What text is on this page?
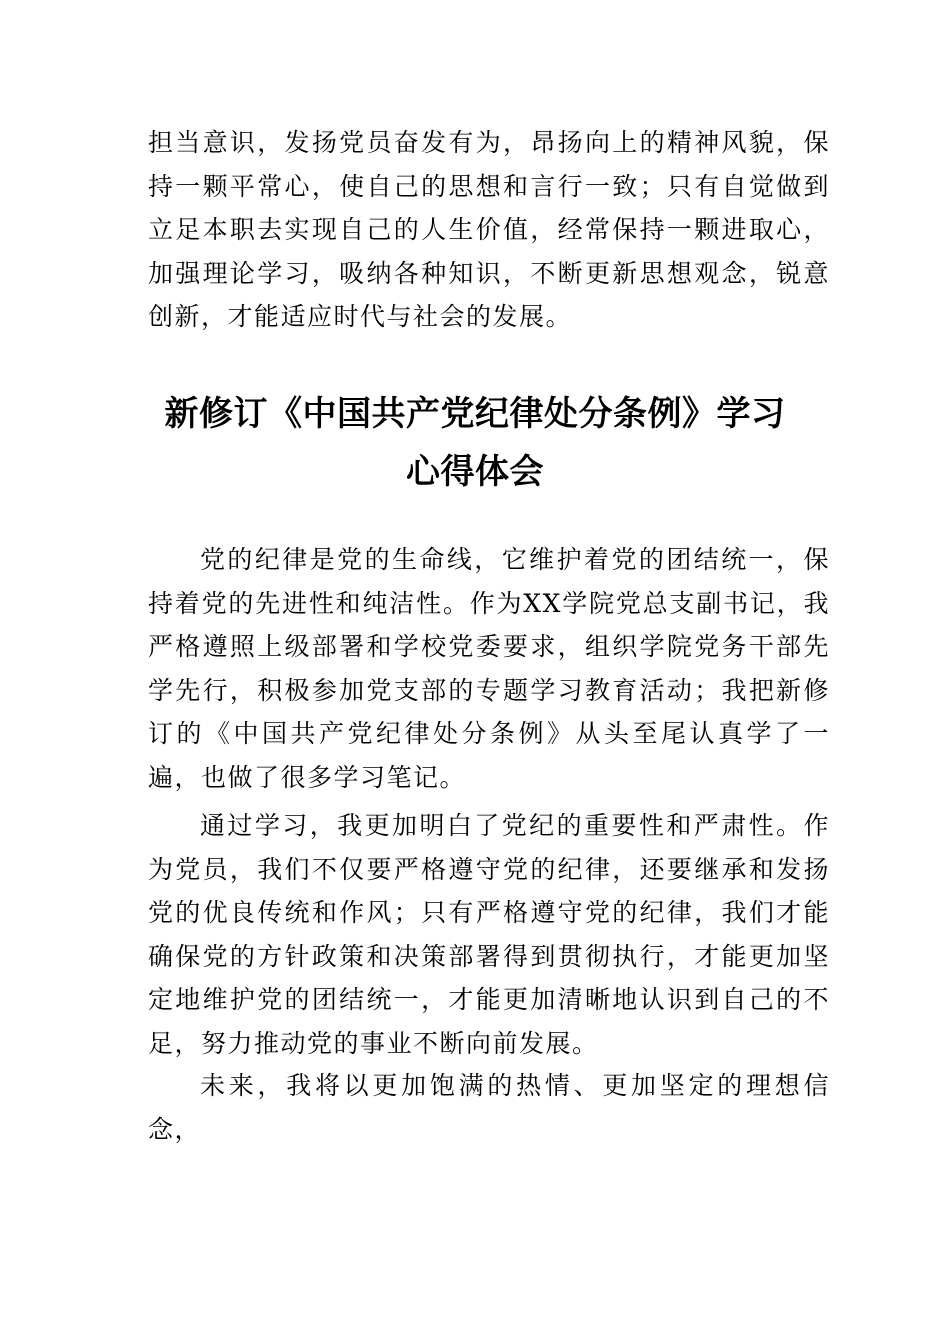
担当意识，发扬党员奋发有为，昂扬向上的精神风貌，保持一颗平常心，使自己的思想和言行一致；只有自觉做到立足本职去实现自己的人生价值，经常保持一颗进取心，加强理论学习，吸纳各种知识，不断更新思想观念，锐意创新，才能适应时代与社会的发展。

新修订《中国共产党纪律处分条例》学习
心得体会

党的纪律是党的生命线，它维护着党的团结统一，保持着党的先进性和纯洁性。作为XX学院党总支副书记，我严格遵照上级部署和学校党委要求，组织学院党务干部先学先行，积极参加党支部的专题学习教育活动；我把新修订的《中国共产党纪律处分条例》从头至尾认真学了一遍，也做了很多学习笔记。

通过学习，我更加明白了党纪的重要性和严肃性。作为党员，我们不仅要严格遵守党的纪律，还要继承和发扬党的优良传统和作风；只有严格遵守党的纪律，我们才能确保党的方针政策和决策部署得到贯彻执行，才能更加坚定地维护党的团结统一，才能更加清晰地认识到自己的不足，努力推动党的事业不断向前发展。

未来，我将以更加饱满的热情、更加坚定的理想信念，
